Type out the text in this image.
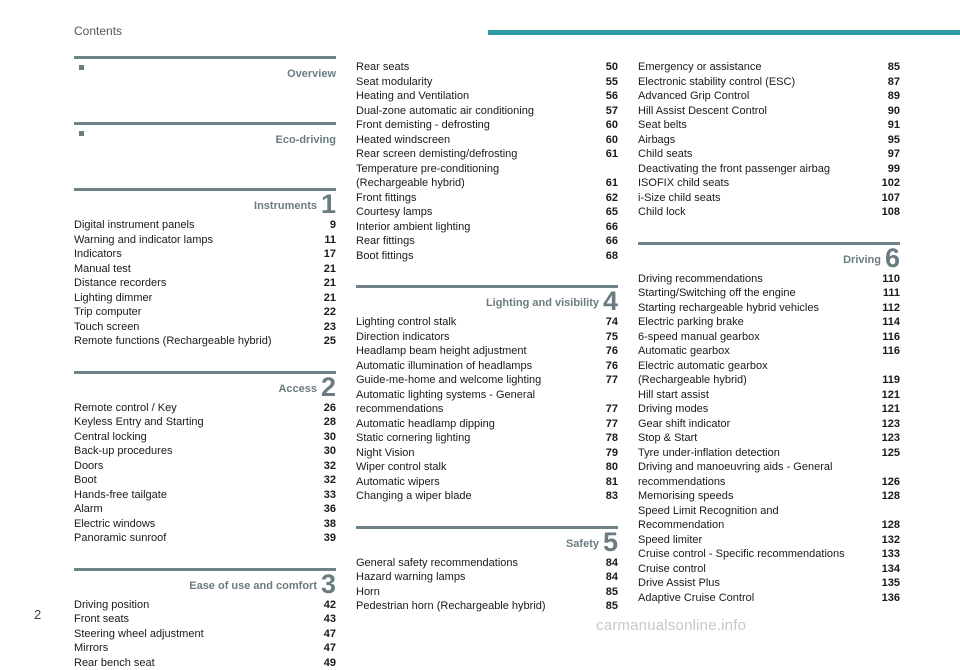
Contents
Overview
Eco-driving
Instruments 1
Digital instrument panels	9
Warning and indicator lamps	11
Indicators	17
Manual test	21
Distance recorders	21
Lighting dimmer	21
Trip computer	22
Touch screen	23
Remote functions (Rechargeable hybrid)	25
Access 2
Remote control / Key	26
Keyless Entry and Starting	28
Central locking	30
Back-up procedures	30
Doors	32
Boot	32
Hands-free tailgate	33
Alarm	36
Electric windows	38
Panoramic sunroof	39
Ease of use and comfort 3
Driving position	42
Front seats	43
Steering wheel adjustment	47
Mirrors	47
Rear bench seat	49
Rear seats	50
Seat modularity	55
Heating and Ventilation	56
Dual-zone automatic air conditioning	57
Front demisting - defrosting	60
Heated windscreen	60
Rear screen demisting/defrosting	61
Temperature pre-conditioning
(Rechargeable hybrid)	61
Front fittings	62
Courtesy lamps	65
Interior ambient lighting	66
Rear fittings	66
Boot fittings	68
Lighting and visibility 4
Lighting control stalk	74
Direction indicators	75
Headlamp beam height adjustment	76
Automatic illumination of headlamps	76
Guide-me-home and welcome lighting	77
Automatic lighting systems - General
recommendations	77
Automatic headlamp dipping	77
Static cornering lighting	78
Night Vision	79
Wiper control stalk	80
Automatic wipers	81
Changing a wiper blade	83
Safety 5
General safety recommendations	84
Hazard warning lamps	84
Horn	85
Pedestrian horn (Rechargeable hybrid)	85
Emergency or assistance	85
Electronic stability control (ESC)	87
Advanced Grip Control	89
Hill Assist Descent Control	90
Seat belts	91
Airbags	95
Child seats	97
Deactivating the front passenger airbag	99
ISOFIX child seats	102
i-Size child seats	107
Child lock	108
Driving 6
Driving recommendations	110
Starting/Switching off the engine	111
Starting rechargeable hybrid vehicles	112
Electric parking brake	114
6-speed manual gearbox	116
Automatic gearbox	116
Electric automatic gearbox
(Rechargeable hybrid)	119
Hill start assist	121
Driving modes	121
Gear shift indicator	123
Stop & Start	123
Tyre under-inflation detection	125
Driving and manoeuvring aids - General
recommendations	126
Memorising speeds	128
Speed Limit Recognition and
Recommendation	128
Speed limiter	132
Cruise control - Specific recommendations	133
Cruise control	134
Drive Assist Plus	135
Adaptive Cruise Control	136
2
carmanualsonline.info
